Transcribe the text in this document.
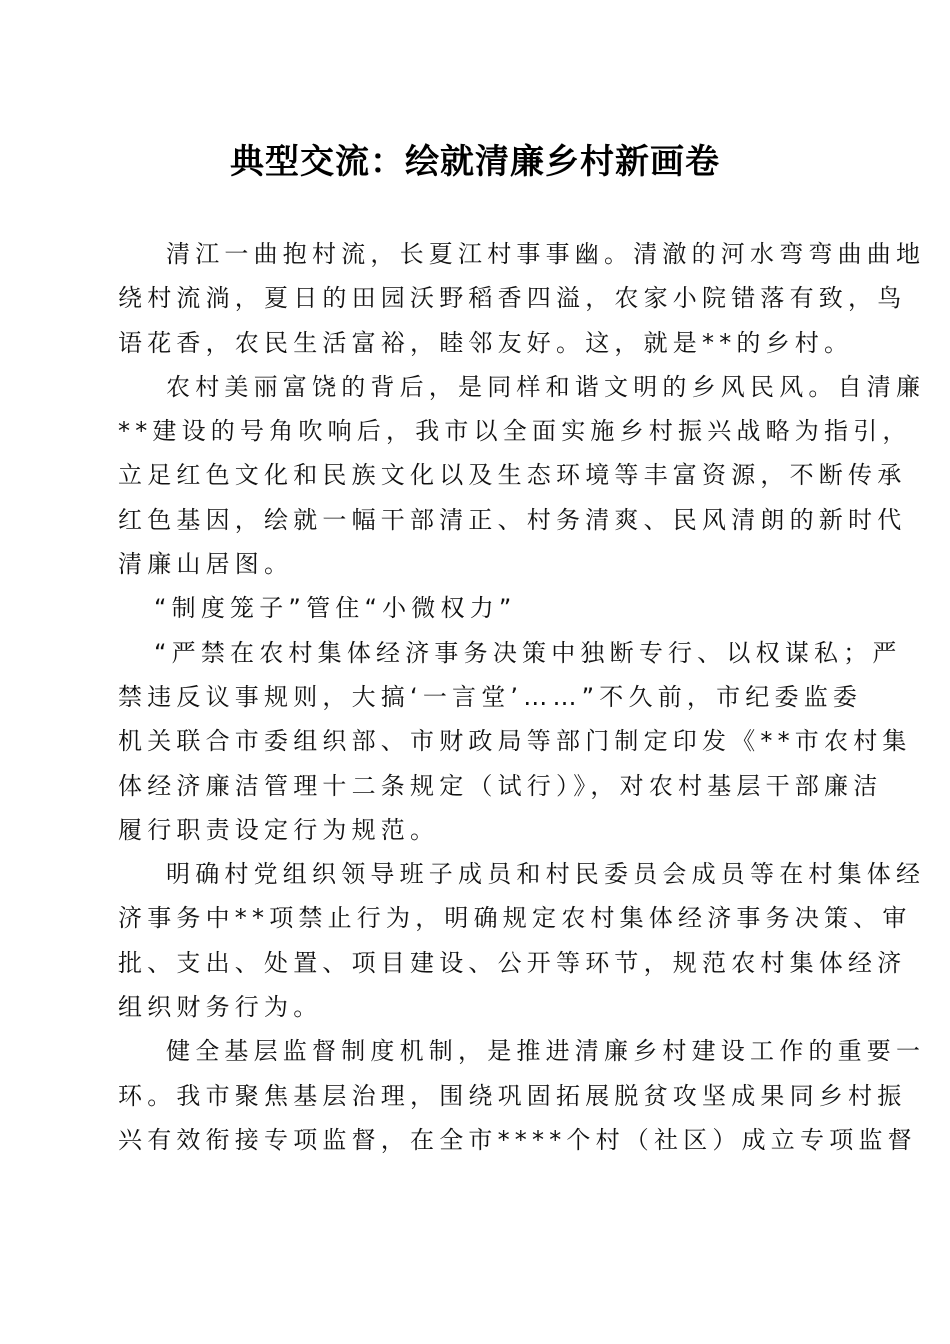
典型交流：绘就清廉乡村新画卷

清江一曲抱村流，长夏江村事事幽。清澈的河水弯弯曲曲地
绕村流淌，夏日的田园沃野稻香四溢，农家小院错落有致，鸟
语花香，农民生活富裕，睦邻友好。这，就是**的乡村。

农村美丽富饶的背后，是同样和谐文明的乡风民风。自清廉
**建设的号角吹响后，我市以全面实施乡村振兴战略为指引，
立足红色文化和民族文化以及生态环境等丰富资源，不断传承
红色基因，绘就一幅干部清正、村务清爽、民风清朗的新时代
清廉山居图。

“制度笼子”管住“小微权力”

“严禁在农村集体经济事务决策中独断专行、以权谋私；严
禁违反议事规则，大搞‘一言堂’……”不久前，市纪委监委
机关联合市委组织部、市财政局等部门制定印发《**市农村集
体经济廉洁管理十二条规定（试行）》，对农村基层干部廉洁
履行职责设定行为规范。

明确村党组织领导班子成员和村民委员会成员等在村集体经
济事务中**项禁止行为，明确规定农村集体经济事务决策、审
批、支出、处置、项目建设、公开等环节，规范农村集体经济
组织财务行为。

健全基层监督制度机制，是推进清廉乡村建设工作的重要一
环。我市聚焦基层治理，围绕巩固拓展脱贫攻坚成果同乡村振
兴有效衔接专项监督，在全市****个村（社区）成立专项监督
